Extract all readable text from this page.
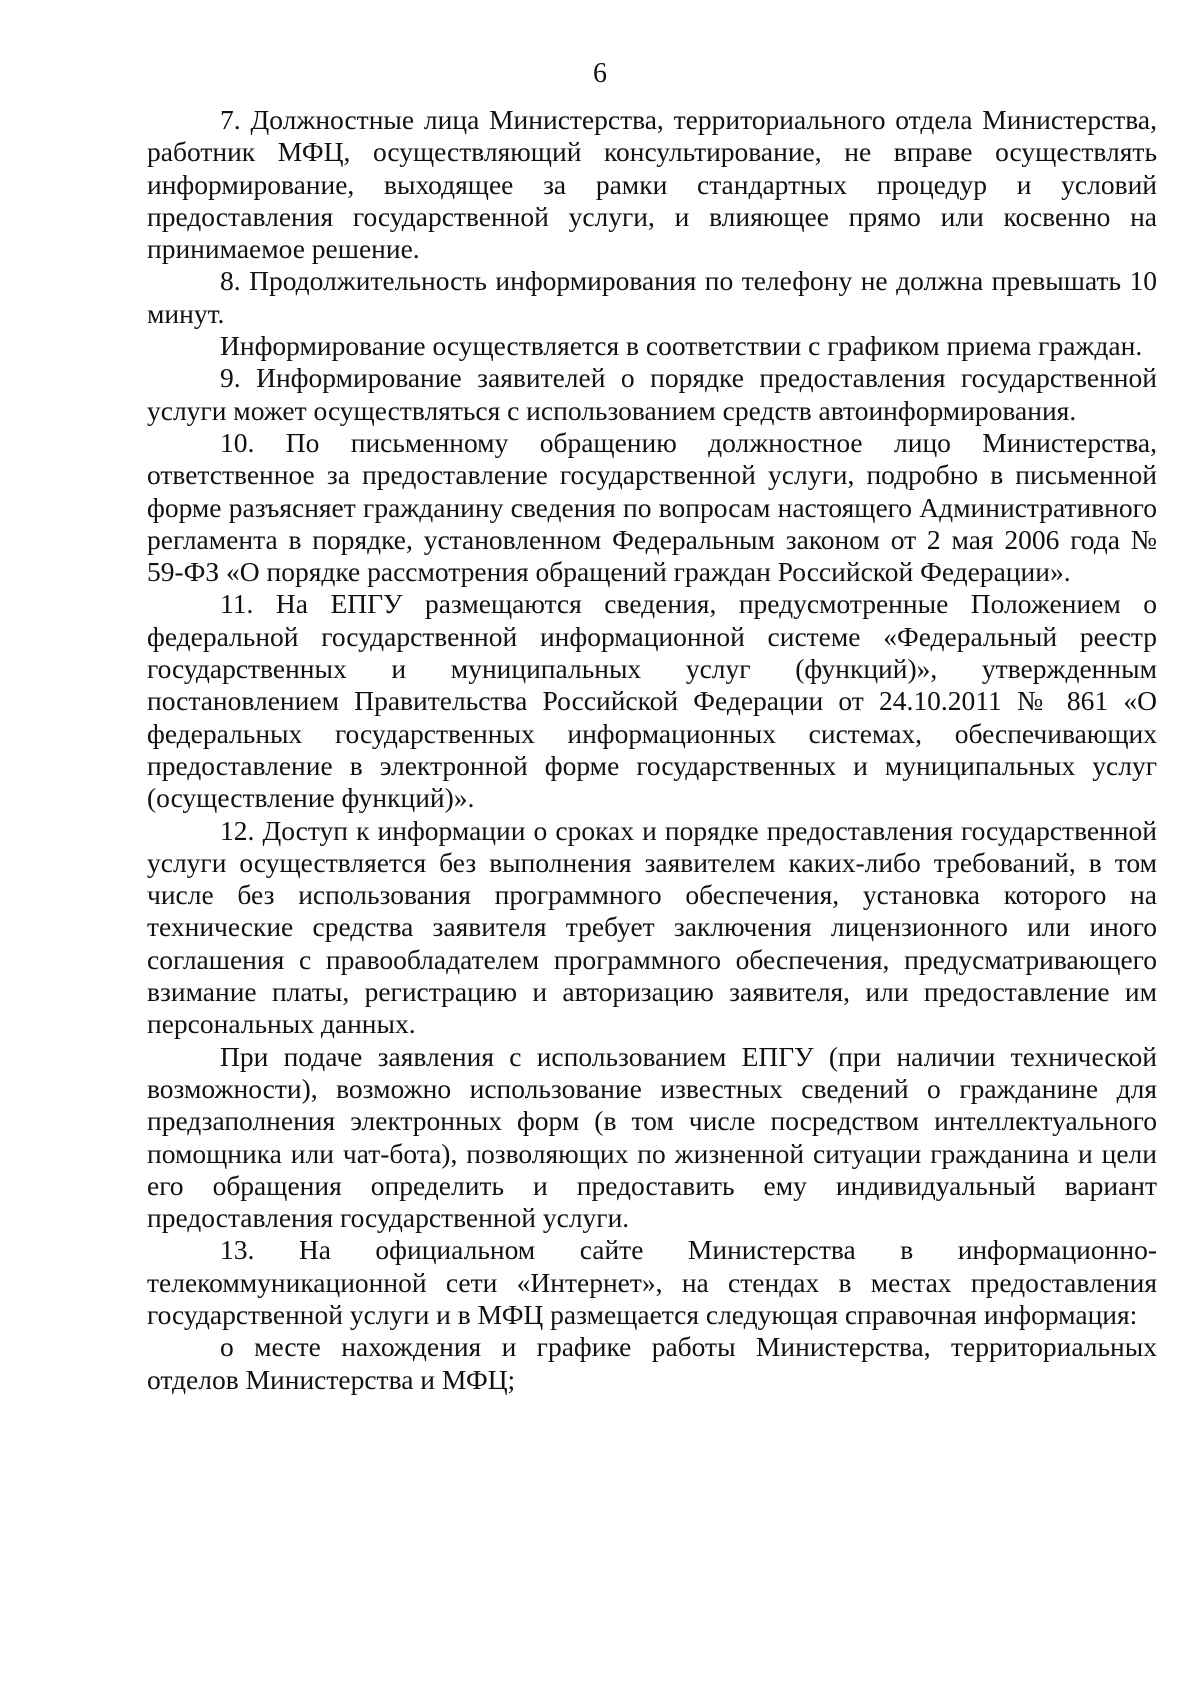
6

7. Должностные лица Министерства, территориального отдела Министерства, работник МФЦ, осуществляющий консультирование, не вправе осуществлять информирование, выходящее за рамки стандартных процедур и условий предоставления государственной услуги, и влияющее прямо или косвенно на принимаемое решение.

8. Продолжительность информирования по телефону не должна превышать 10 минут.

Информирование осуществляется в соответствии с графиком приема граждан.

9. Информирование заявителей о порядке предоставления государственной услуги может осуществляться с использованием средств автоинформирования.

10. По письменному обращению должностное лицо Министерства, ответственное за предоставление государственной услуги, подробно в письменной форме разъясняет гражданину сведения по вопросам настоящего Административного регламента в порядке, установленном Федеральным законом от 2 мая 2006 года № 59-ФЗ «О порядке рассмотрения обращений граждан Российской Федерации».

11. На ЕПГУ размещаются сведения, предусмотренные Положением о федеральной государственной информационной системе «Федеральный реестр государственных и муниципальных услуг (функций)», утвержденным постановлением Правительства Российской Федерации от 24.10.2011 № 861 «О федеральных государственных информационных системах, обеспечивающих предоставление в электронной форме государственных и муниципальных услуг (осуществление функций)».

12. Доступ к информации о сроках и порядке предоставления государственной услуги осуществляется без выполнения заявителем каких-либо требований, в том числе без использования программного обеспечения, установка которого на технические средства заявителя требует заключения лицензионного или иного соглашения с правообладателем программного обеспечения, предусматривающего взимание платы, регистрацию и авторизацию заявителя, или предоставление им персональных данных.

При подаче заявления с использованием ЕПГУ (при наличии технической возможности), возможно использование известных сведений о гражданине для предзаполнения электронных форм (в том числе посредством интеллектуального помощника или чат-бота), позволяющих по жизненной ситуации гражданина и цели его обращения определить и предоставить ему индивидуальный вариант предоставления государственной услуги.

13. На официальном сайте Министерства в информационно-телекоммуникационной сети «Интернет», на стендах в местах предоставления государственной услуги и в МФЦ размещается следующая справочная информация:

о месте нахождения и графике работы Министерства, территориальных отделов Министерства и МФЦ;
